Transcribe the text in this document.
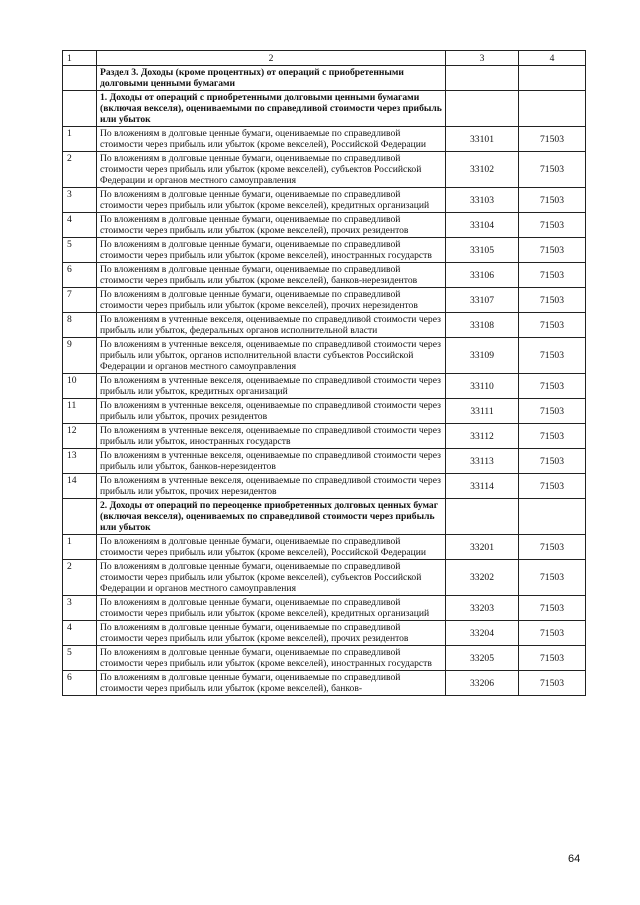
1	2	3	4
	Раздел 3. Доходы (кроме процентных) от операций с приобретенными долговыми ценными бумагами		
	1. Доходы от операций с приобретенными долговыми ценными бумагами (включая векселя), оцениваемыми по справедливой стоимости через прибыль или убыток		
1	По вложениям в долговые ценные бумаги, оцениваемые по справедливой стоимости через прибыль или убыток (кроме векселей), Российской Федерации	33101	71503
2	По вложениям в долговые ценные бумаги, оцениваемые по справедливой стоимости через прибыль или убыток (кроме векселей), субъектов Российской Федерации и органов местного самоуправления	33102	71503
3	По вложениям в долговые ценные бумаги, оцениваемые по справедливой стоимости через прибыль или убыток (кроме векселей), кредитных организаций	33103	71503
4	По вложениям в долговые ценные бумаги, оцениваемые по справедливой стоимости через прибыль или убыток (кроме векселей), прочих резидентов	33104	71503
5	По вложениям в долговые ценные бумаги, оцениваемые по справедливой стоимости через прибыль или убыток (кроме векселей), иностранных государств	33105	71503
6	По вложениям в долговые ценные бумаги, оцениваемые по справедливой стоимости через прибыль или убыток (кроме векселей), банков-нерезидентов	33106	71503
7	По вложениям в долговые ценные бумаги, оцениваемые по справедливой стоимости через прибыль или убыток (кроме векселей), прочих нерезидентов	33107	71503
8	По вложениям в учтенные векселя, оцениваемые по справедливой стоимости через прибыль или убыток, федеральных органов исполнительной власти	33108	71503
9	По вложениям в учтенные векселя, оцениваемые по справедливой стоимости через прибыль или убыток, органов исполнительной власти субъектов Российской Федерации и органов местного самоуправления	33109	71503
10	По вложениям в учтенные векселя, оцениваемые по справедливой стоимости через прибыль или убыток, кредитных организаций	33110	71503
11	По вложениям в учтенные векселя, оцениваемые по справедливой стоимости через прибыль или убыток, прочих резидентов	33111	71503
12	По вложениям в учтенные векселя, оцениваемые по справедливой стоимости через прибыль или убыток, иностранных государств	33112	71503
13	По вложениям в учтенные векселя, оцениваемые по справедливой стоимости через прибыль или убыток, банков-нерезидентов	33113	71503
14	По вложениям в учтенные векселя, оцениваемые по справедливой стоимости через прибыль или убыток, прочих нерезидентов	33114	71503
	2. Доходы от операций по переоценке приобретенных долговых ценных бумаг (включая векселя), оцениваемых по справедливой стоимости через прибыль или убыток		
1	По вложениям в долговые ценные бумаги, оцениваемые по справедливой стоимости через прибыль или убыток (кроме векселей), Российской Федерации	33201	71503
2	По вложениям в долговые ценные бумаги, оцениваемые по справедливой стоимости через прибыль или убыток (кроме векселей), субъектов Российской Федерации и органов местного самоуправления	33202	71503
3	По вложениям в долговые ценные бумаги, оцениваемые по справедливой стоимости через прибыль или убыток (кроме векселей), кредитных организаций	33203	71503
4	По вложениям в долговые ценные бумаги, оцениваемые по справедливой стоимости через прибыль или убыток (кроме векселей), прочих резидентов	33204	71503
5	По вложениям в долговые ценные бумаги, оцениваемые по справедливой стоимости через прибыль или убыток (кроме векселей), иностранных государств	33205	71503
6	По вложениям в долговые ценные бумаги, оцениваемые по справедливой стоимости через прибыль или убыток (кроме векселей), банков-	33206	71503
64
